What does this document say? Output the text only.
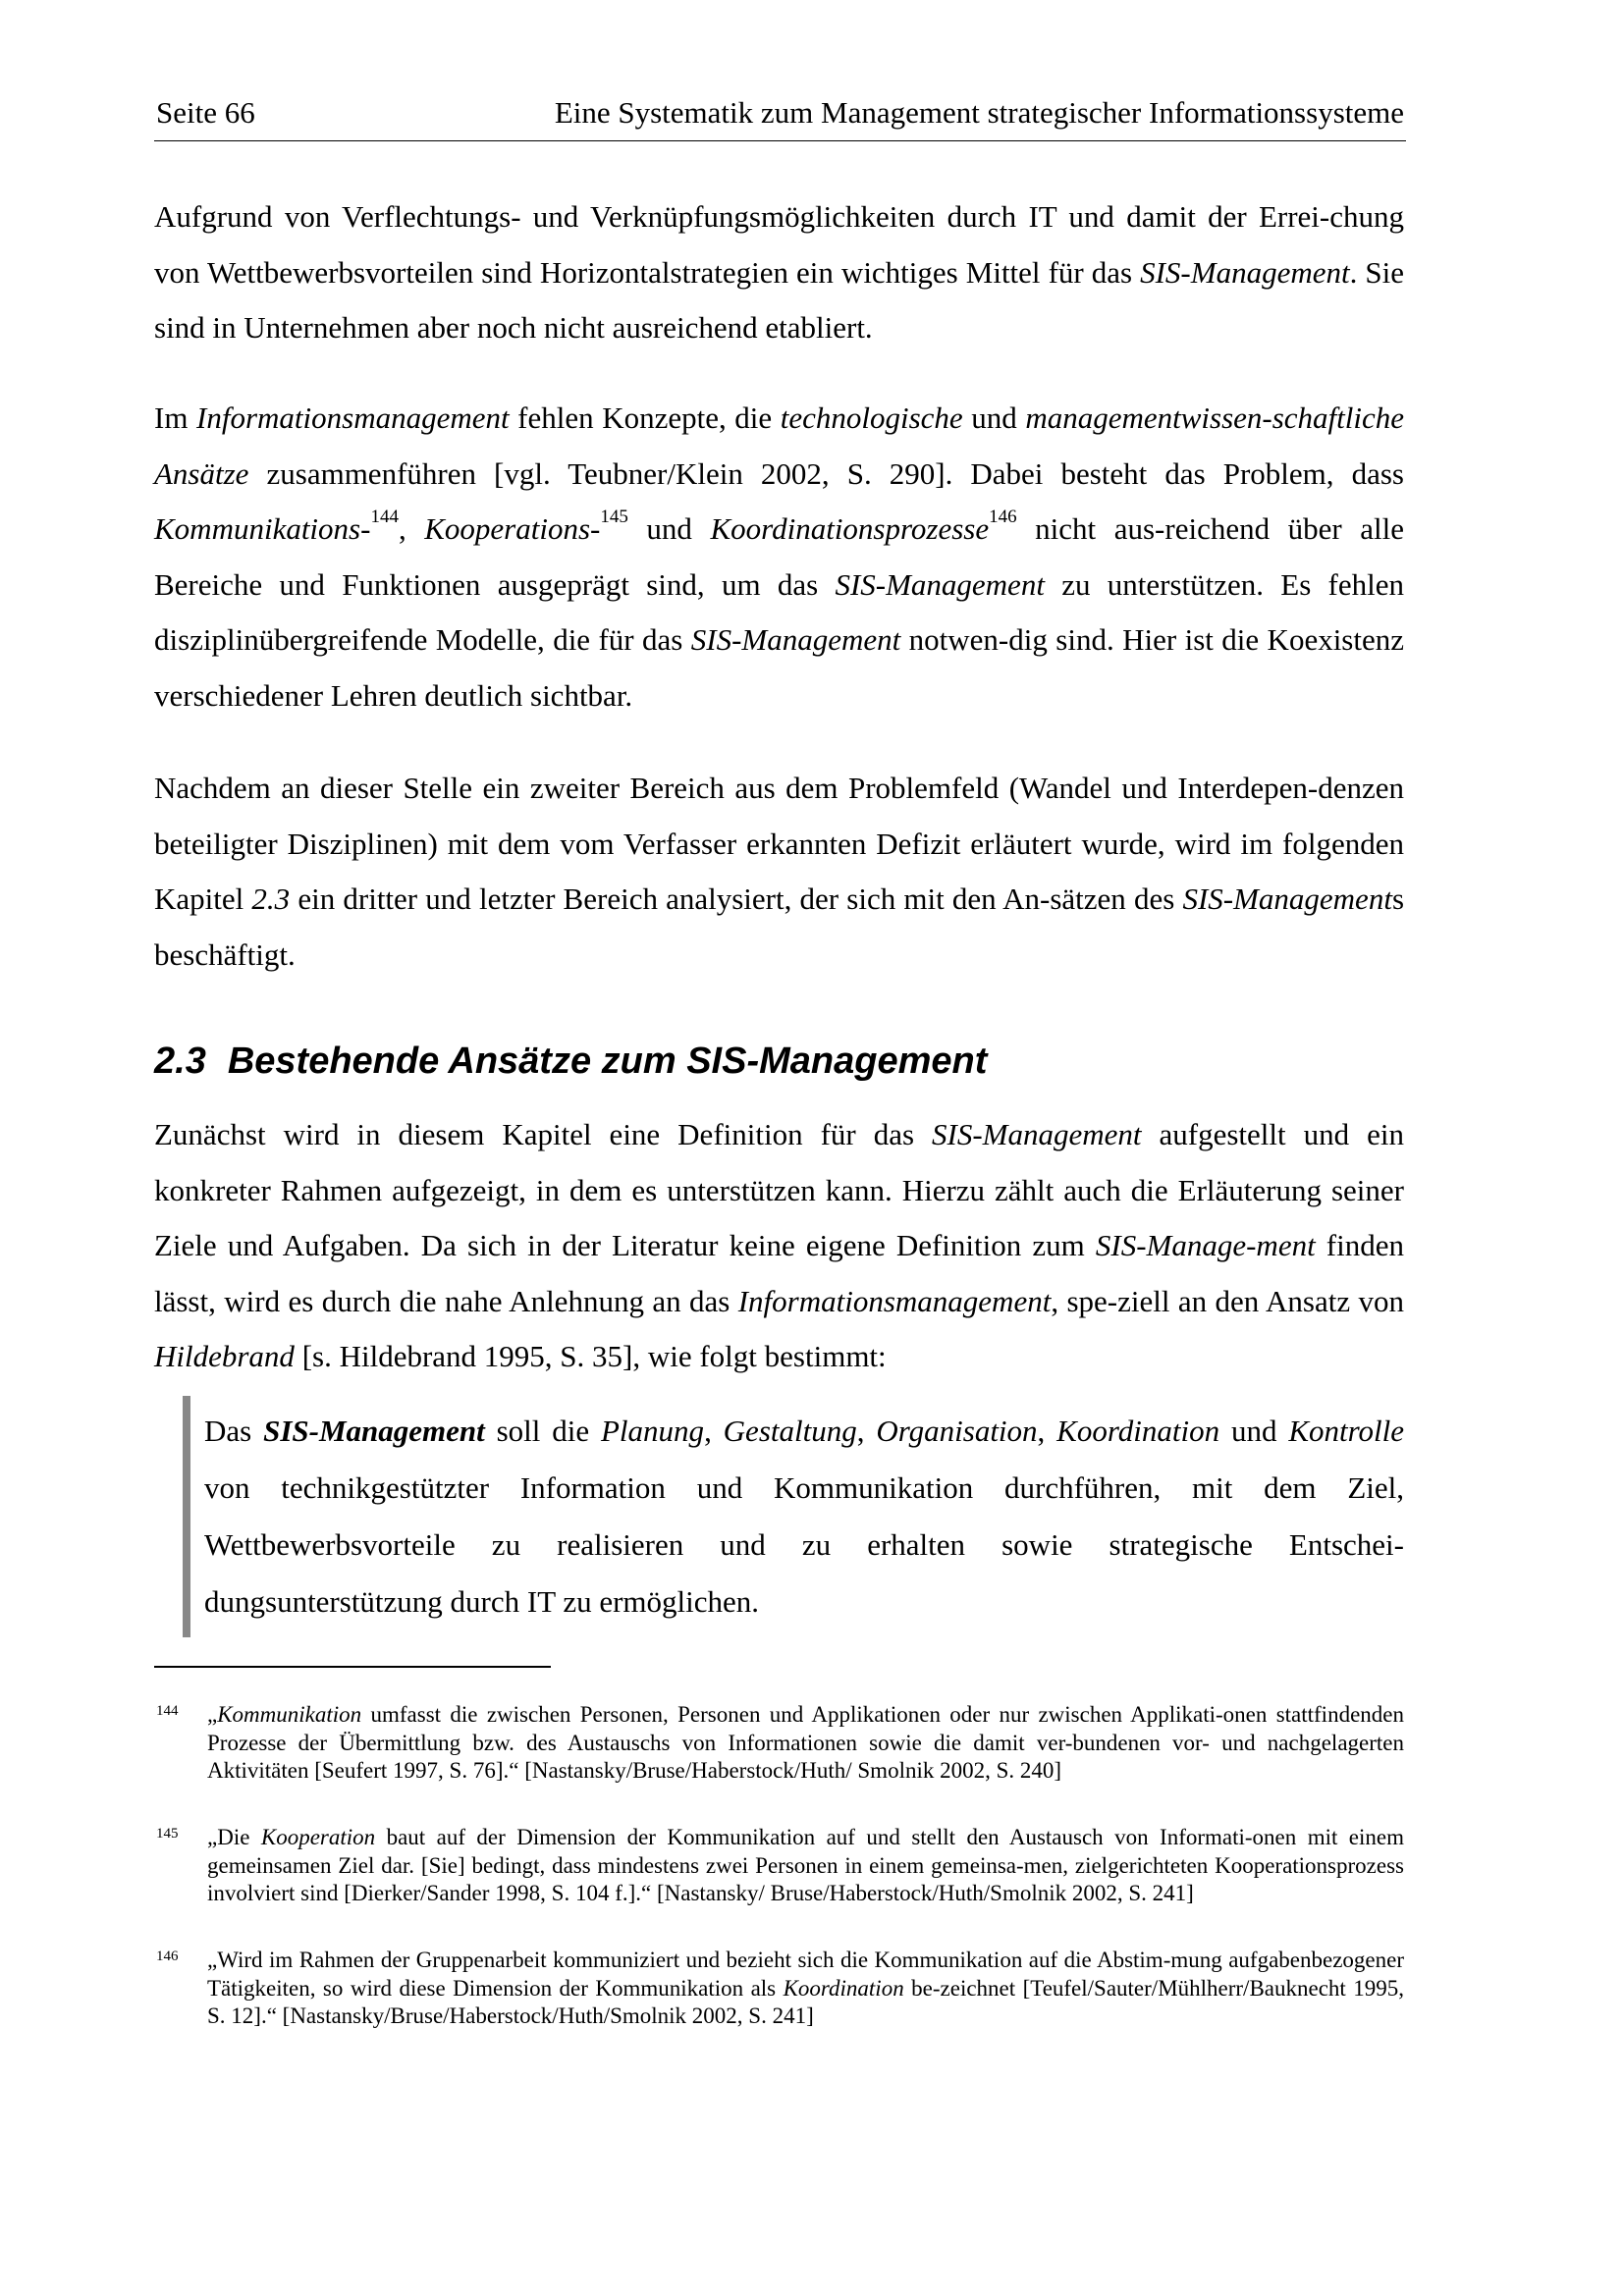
Seite 66	Eine Systematik zum Management strategischer Informationssysteme

Aufgrund von Verflechtungs- und Verknüpfungsmöglichkeiten durch IT und damit der Errei-chung von Wettbewerbsvorteilen sind Horizontalstrategien ein wichtiges Mittel für das SIS-Management. Sie sind in Unternehmen aber noch nicht ausreichend etabliert.

Im Informationsmanagement fehlen Konzepte, die technologische und managementwissen-schaftliche Ansätze zusammenführen [vgl. Teubner/Klein 2002, S. 290]. Dabei besteht das Problem, dass Kommunikations-$^{144}$, Kooperations-$^{145}$ und Koordinationsprozesse$^{146}$ nicht aus-reichend über alle Bereiche und Funktionen ausgeprägt sind, um das SIS-Management zu unterstützen. Es fehlen disziplinübergreifende Modelle, die für das SIS-Management notwen-dig sind. Hier ist die Koexistenz verschiedener Lehren deutlich sichtbar.

Nachdem an dieser Stelle ein zweiter Bereich aus dem Problemfeld (Wandel und Interdepen-denzen beteiligter Disziplinen) mit dem vom Verfasser erkannten Defizit erläutert wurde, wird im folgenden Kapitel 2.3 ein dritter und letzter Bereich analysiert, der sich mit den An-sätzen des SIS-Managements beschäftigt.

2.3 Bestehende Ansätze zum SIS-Management

Zunächst wird in diesem Kapitel eine Definition für das SIS-Management aufgestellt und ein konkreter Rahmen aufgezeigt, in dem es unterstützen kann. Hierzu zählt auch die Erläuterung seiner Ziele und Aufgaben. Da sich in der Literatur keine eigene Definition zum SIS-Manage-ment finden lässt, wird es durch die nahe Anlehnung an das Informationsmanagement, spe-ziell an den Ansatz von Hildebrand [s. Hildebrand 1995, S. 35], wie folgt bestimmt:

Das SIS-Management soll die Planung, Gestaltung, Organisation, Koordination und Kontrolle von technikgestützter Information und Kommunikation durchführen, mit dem Ziel, Wettbewerbsvorteile zu realisieren und zu erhalten sowie strategische Entschei-dungsunterstützung durch IT zu ermöglichen.

144 „Kommunikation umfasst die zwischen Personen, Personen und Applikationen oder nur zwischen Applikati-onen stattfindenden Prozesse der Übermittlung bzw. des Austauschs von Informationen sowie die damit ver-bundenen vor- und nachgelagerten Aktivitäten [Seufert 1997, S. 76].“ [Nastansky/Bruse/Haberstock/Huth/ Smolnik 2002, S. 240]
145 „Die Kooperation baut auf der Dimension der Kommunikation auf und stellt den Austausch von Informati-onen mit einem gemeinsamen Ziel dar. [Sie] bedingt, dass mindestens zwei Personen in einem gemeinsa-men, zielgerichteten Kooperationsprozess involviert sind [Dierker/Sander 1998, S. 104 f.].“ [Nastansky/ Bruse/Haberstock/Huth/Smolnik 2002, S. 241]
146 „Wird im Rahmen der Gruppenarbeit kommuniziert und bezieht sich die Kommunikation auf die Abstim-mung aufgabenbezogener Tätigkeiten, so wird diese Dimension der Kommunikation als Koordination be-zeichnet [Teufel/Sauter/Mühlherr/Bauknecht 1995, S. 12].“ [Nastansky/Bruse/Haberstock/Huth/Smolnik 2002, S. 241]
